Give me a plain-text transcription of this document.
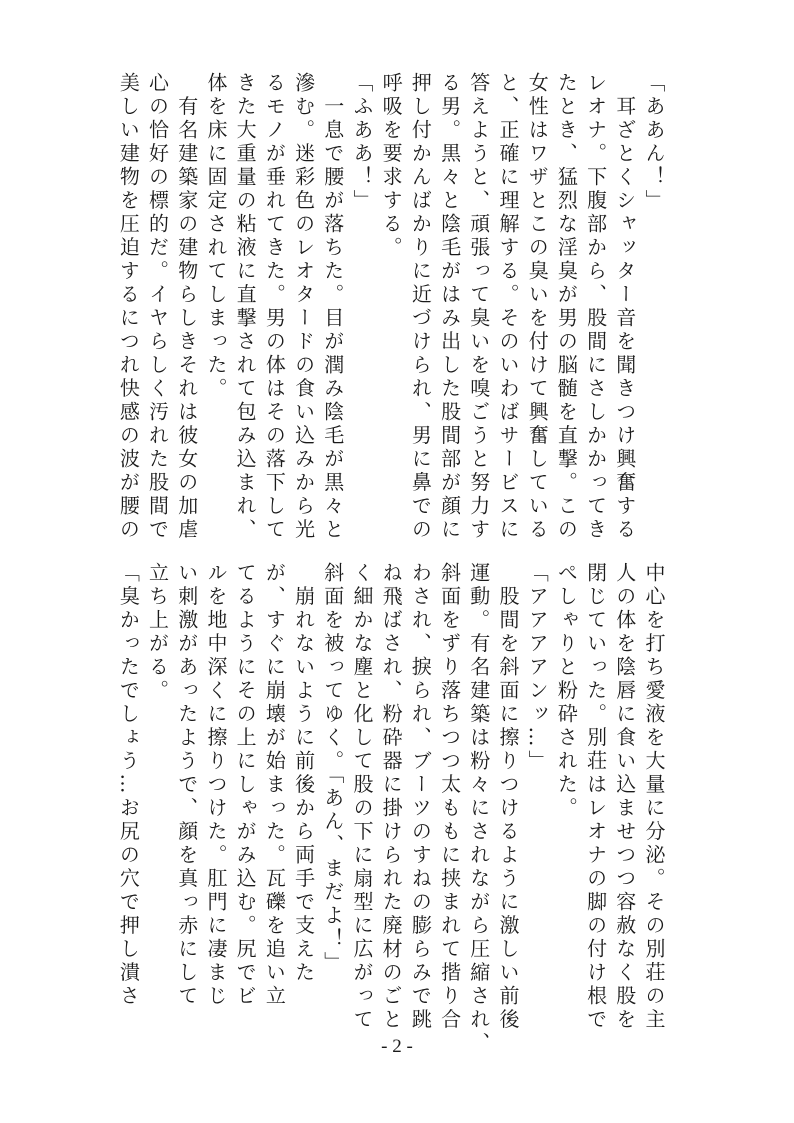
「ああん！」
　耳ざとくシャッター音を聞きつけ興奮する
レオナ。下腹部から、股間にさしかかってき
たとき、猛烈な淫臭が男の脳髄を直撃。この
女性はワザとこの臭いを付けて興奮している
と、正確に理解する。そのいわばサービスに
答えようと、頑張って臭いを嗅ごうと努力す
る男。黒々と陰毛がはみ出した股間部が顔に
押し付かんばかりに近づけられ、男に鼻での
呼吸を要求する。
「ふああ！」
　一息で腰が落ちた。目が潤み陰毛が黒々と
滲む。迷彩色のレオタードの食い込みから光
るモノが垂れてきた。男の体はその落下して
きた大重量の粘液に直撃されて包み込まれ、
体を床に固定されてしまった。
　有名建築家の建物らしきそれは彼女の加虐
心の恰好の標的だ。イヤらしく汚れた股間で
美しい建物を圧迫するにつれ快感の波が腰の
中心を打ち愛液を大量に分泌。その別荘の主
人の体を陰唇に食い込ませつつ容赦なく股を
閉じていった。別荘はレオナの脚の付け根で
ぺしゃりと粉砕された。
「アアアアンッ…」
　股間を斜面に擦りつけるように激しい前後
運動。有名建築は粉々にされながら圧縮され、
斜面をずり落ちつつ太ももに挟まれて揩り合
わされ、捩られ、ブーツのすねの膨らみで跳
ね飛ばされ、粉砕器に掛けられた廃材のごと
く細かな塵と化して股の下に扇型に広がって
斜面を被ってゆく。「あん、まだよ！」
　崩れないように前後から両手で支えた
が、すぐに崩壊が始まった。瓦礫を追い立
てるようにその上にしゃがみ込む。尻でビ
ルを地中深くに擦りつけた。肛門に凄まじ
い刺激があったようで、顔を真っ赤にして
立ち上がる。
「臭かったでしょう…お尻の穴で押し潰さ
- 2 -
